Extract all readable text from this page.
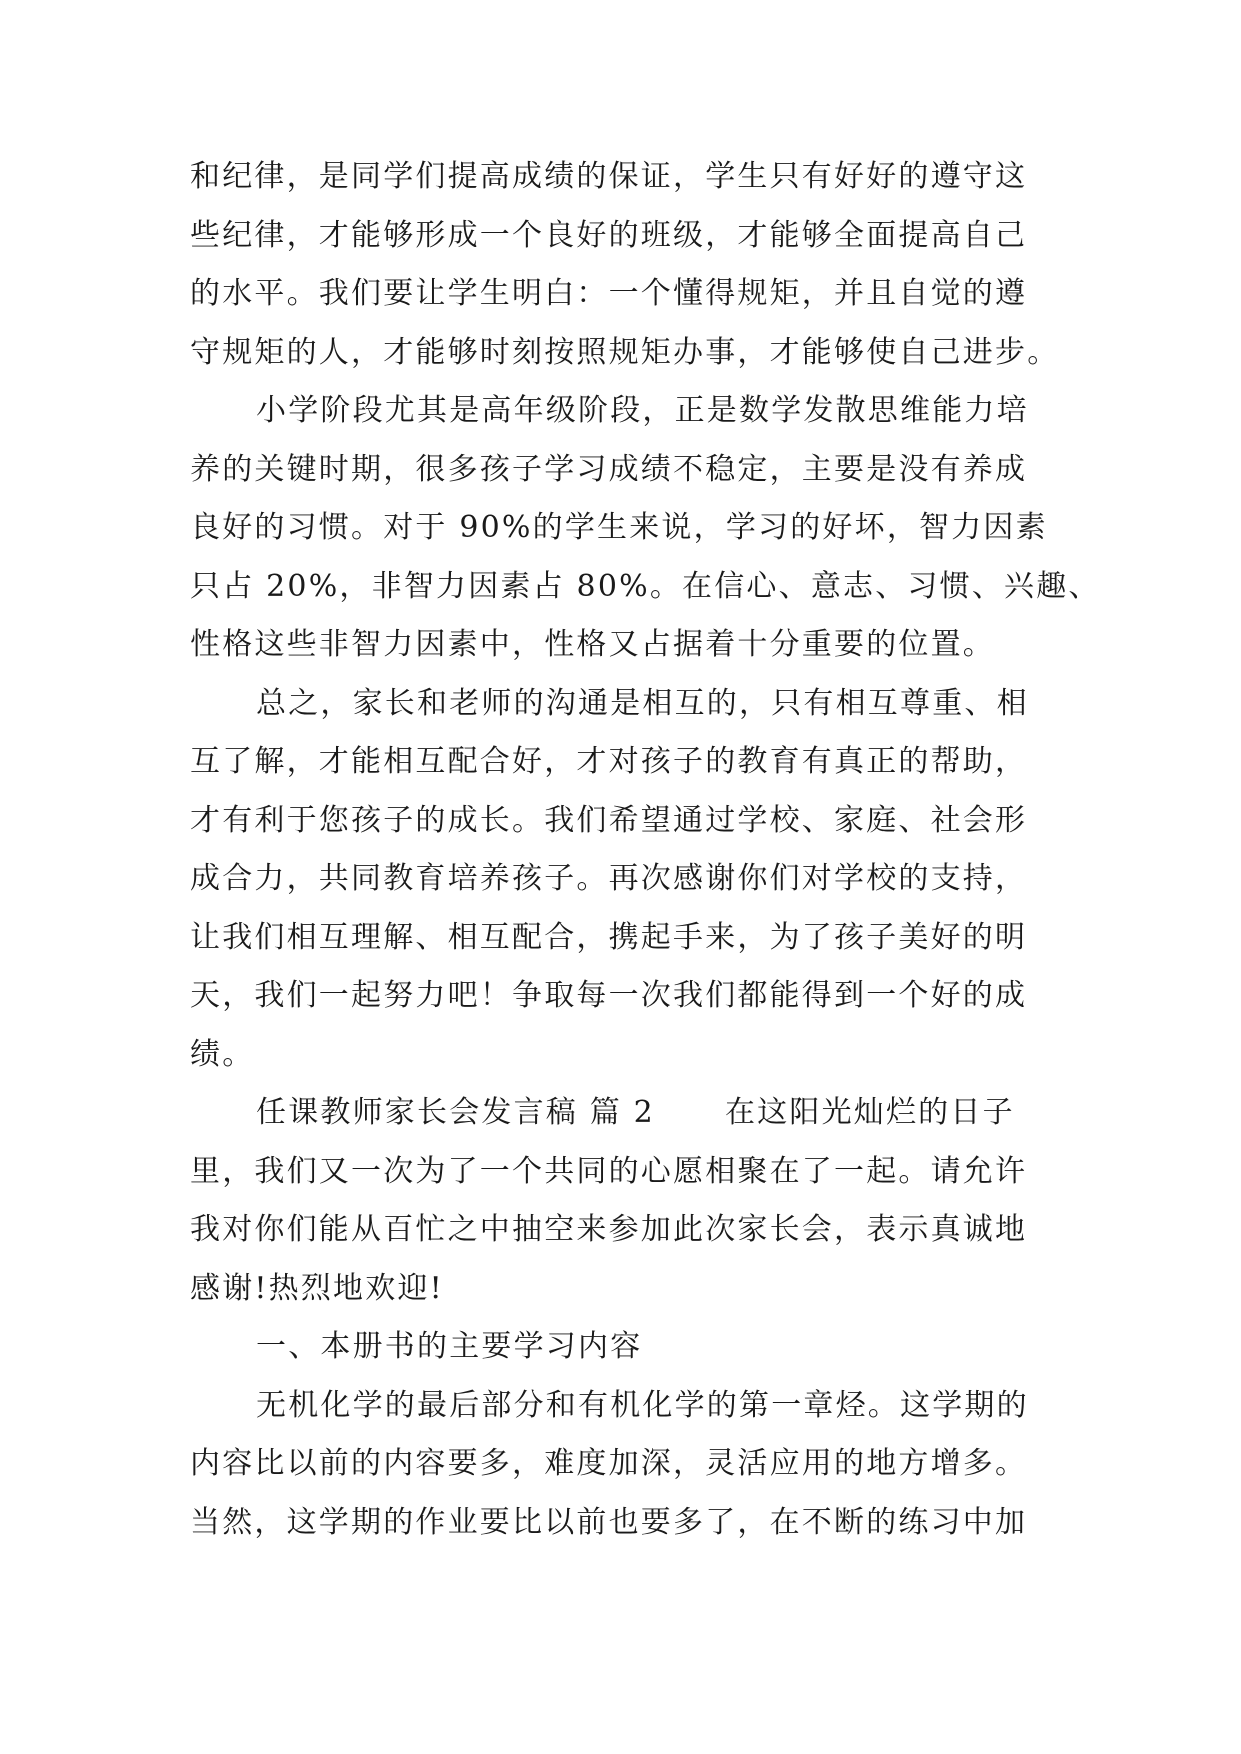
和纪律，是同学们提高成绩的保证，学生只有好好的遵守这
些纪律，才能够形成一个良好的班级，才能够全面提高自己
的水平。我们要让学生明白：一个懂得规矩，并且自觉的遵
守规矩的人，才能够时刻按照规矩办事，才能够使自己进步。
小学阶段尤其是高年级阶段，正是数学发散思维能力培
养的关键时期，很多孩子学习成绩不稳定，主要是没有养成
良好的习惯。对于 90%的学生来说，学习的好坏，智力因素
只占 20%，非智力因素占 80%。在信心、意志、习惯、兴趣、
性格这些非智力因素中，性格又占据着十分重要的位置。
总之，家长和老师的沟通是相互的，只有相互尊重、相
互了解，才能相互配合好，才对孩子的教育有真正的帮助，
才有利于您孩子的成长。我们希望通过学校、家庭、社会形
成合力，共同教育培养孩子。再次感谢你们对学校的支持，
让我们相互理解、相互配合，携起手来，为了孩子美好的明
天，我们一起努力吧！争取每一次我们都能得到一个好的成
绩。
任课教师家长会发言稿 篇 2 在这阳光灿烂的日子
里，我们又一次为了一个共同的心愿相聚在了一起。请允许
我对你们能从百忙之中抽空来参加此次家长会，表示真诚地
感谢!热烈地欢迎!
一、本册书的主要学习内容
无机化学的最后部分和有机化学的第一章烃。这学期的
内容比以前的内容要多，难度加深，灵活应用的地方增多。
当然，这学期的作业要比以前也要多了，在不断的练习中加
